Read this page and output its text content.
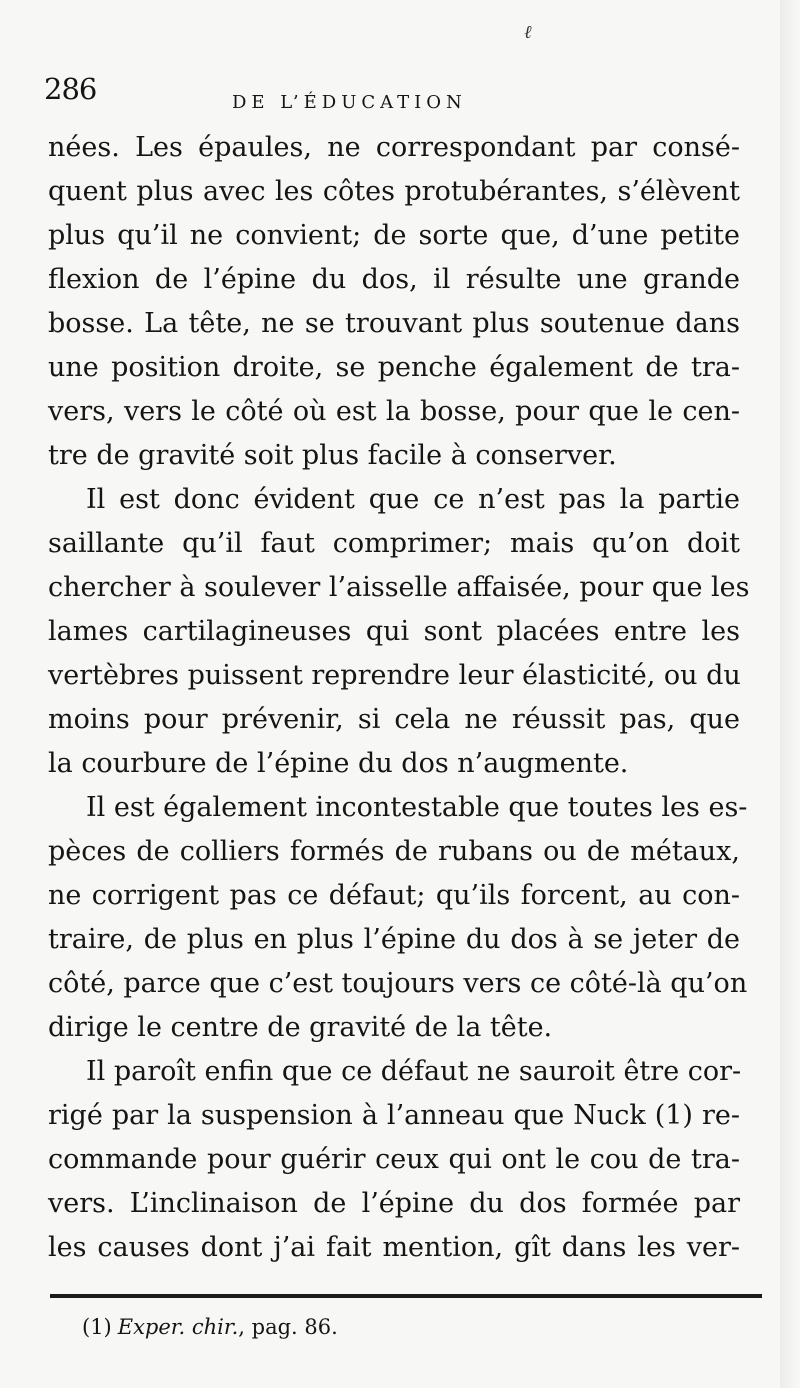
ℓ
286	DE L’ÉDUCATION
nées. Les épaules, ne correspondant par consé-
quent plus avec les côtes protubérantes, s’élèvent
plus qu’il ne convient; de sorte que, d’une petite
flexion de l’épine du dos, il résulte une grande
bosse. La tête, ne se trouvant plus soutenue dans
une position droite, se penche également de tra-
vers, vers le côté où est la bosse, pour que le cen-
tre de gravité soit plus facile à conserver.
Il est donc évident que ce n’est pas la partie
saillante qu’il faut comprimer; mais qu’on doit
chercher à soulever l’aisselle affaisée, pour que les
lames cartilagineuses qui sont placées entre les
vertèbres puissent reprendre leur élasticité, ou du
moins pour prévenir, si cela ne réussit pas, que
la courbure de l’épine du dos n’augmente.
Il est également incontestable que toutes les es-
pèces de colliers formés de rubans ou de métaux,
ne corrigent pas ce défaut; qu’ils forcent, au con-
traire, de plus en plus l’épine du dos à se jeter de
côté, parce que c’est toujours vers ce côté-là qu’on
dirige le centre de gravité de la tête.
Il paroît enfin que ce défaut ne sauroit être cor-
rigé par la suspension à l’anneau que Nuck (1) re-
commande pour guérir ceux qui ont le cou de tra-
vers. L’inclinaison de l’épine du dos formée par
les causes dont j’ai fait mention, gît dans les ver-
(1) Exper. chir., pag. 86.
